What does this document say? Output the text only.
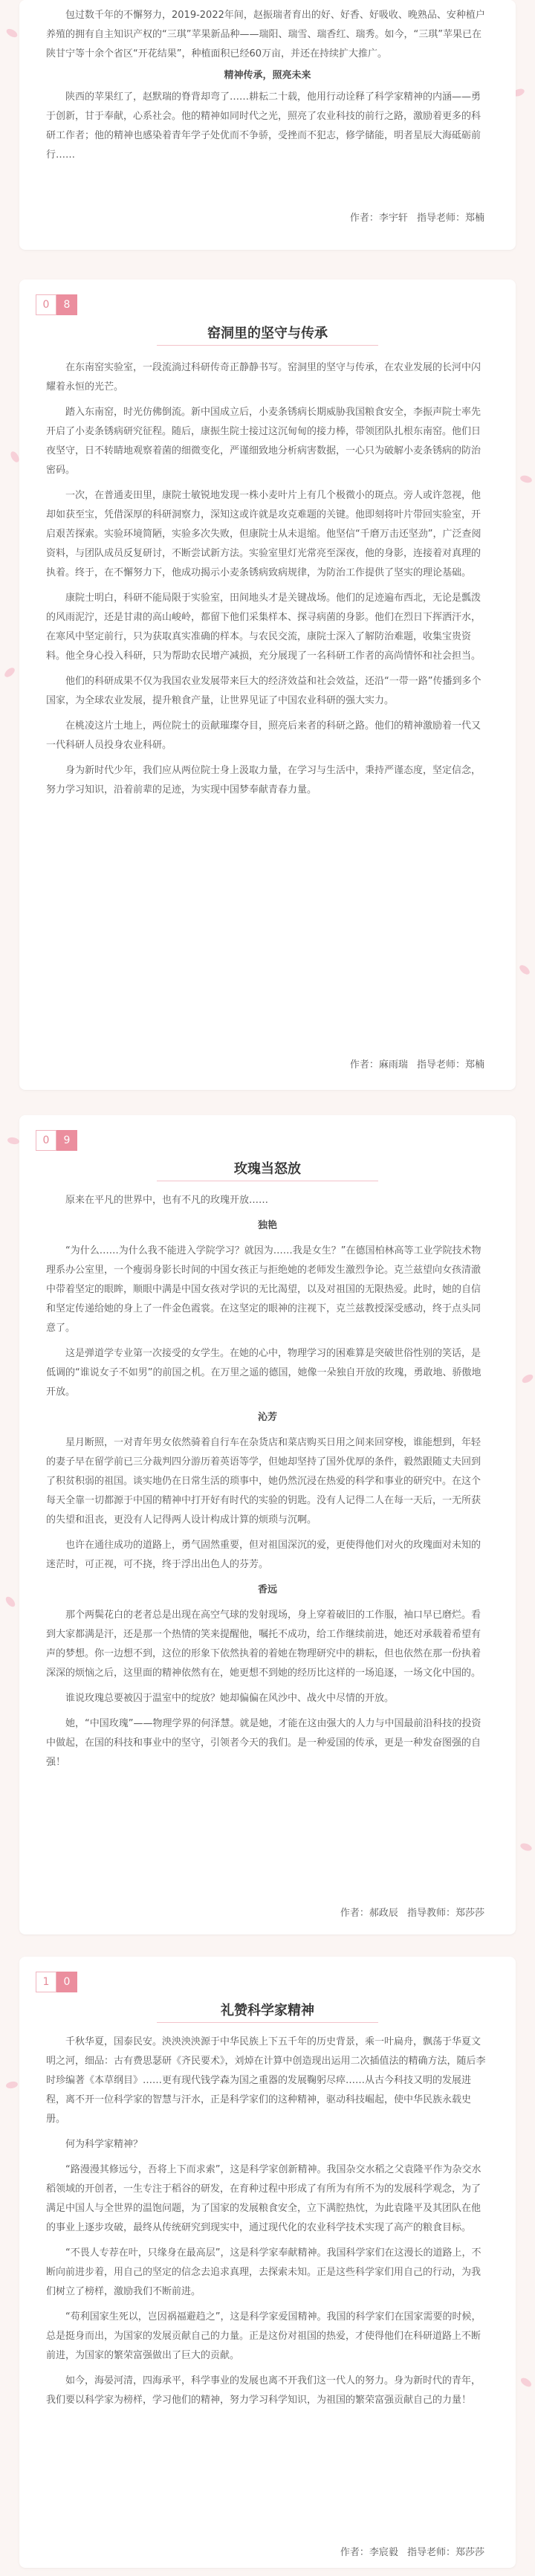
包过数千年的不懈努力，2019-2022年间，赵振瑞者育出的好、好香、好吸收、晚熟品、安种植户养殖的拥有自主知识产权的“三琪”苹果新品种——瑞阳、瑞雪、瑞香红、瑞秀。如今，“三琪”苹果已在陕甘宁等十余个省区“开花结果”，种植面积已经60万亩，并还在持续扩大推广。

精神传承，照亮未来

陕西的苹果红了，赵默瑞的脊背却弯了……耕耘二十载，他用行动诠释了科学家精神的内涵——勇于创新，甘于奉献，心系社会。他的精神如同时代之光，照亮了农业科技的前行之路，激励着更多的科研工作者；他的精神也感染着青年学子处优而不争骄，受挫而不犯志，修学储能，明者星辰大海砥砺前行……

作者：李宇轩 指导老师：郑楠
0	8
窑洞里的坚守与传承

在东南窑实验室，一段流淌过科研传奇正静静书写。窑洞里的坚守与传承，在农业发展的长河中闪耀着永恒的光芒。

踏入东南窑，时光仿佛倒流。新中国成立后，小麦条锈病长期威胁我国粮食安全，李振声院士率先开启了小麦条锈病研究征程。随后，康振生院士接过这沉甸甸的接力棒，带领团队扎根东南窑。他们日夜坚守，日不转睛地观察着菌的细微变化，严谨细致地分析病害数据，一心只为破解小麦条锈病的防治密码。

一次，在普通麦田里，康院士敏锐地发现一株小麦叶片上有几个极微小的斑点。旁人或许忽视，他却如获至宝，凭借深厚的科研洞察力，深知这或许就是攻克难题的关键。他即刻将叶片带回实验室，开启艰苦探索。实验环境简陋，实验多次失败，但康院士从未退缩。他坚信“千磨万击还坚劲”，广泛查阅资料，与团队成员反复研讨，不断尝试新方法。实验室里灯光常亮至深夜，他的身影，连接着对真理的执着。终于，在不懈努力下，他成功揭示小麦条锈病致病规律，为防治工作提供了坚实的理论基础。

康院士明白，科研不能局限于实验室，田间地头才是关键战场。他们的足迹遍布西北，无论是瓢泼的风雨泥泞，还是甘肃的高山峻岭，都留下他们采集样本、探寻病菌的身影。他们在烈日下挥洒汗水，在寒风中坚定前行，只为获取真实准确的样本。与农民交流，康院士深入了解防治难题，收集宝贵资料。他全身心投入科研，只为帮助农民增产减损，充分展现了一名科研工作者的高尚情怀和社会担当。

他们的科研成果不仅为我国农业发展带来巨大的经济效益和社会效益，还沿“一带一路”传播到多个国家，为全球农业发展，提升粮食产量，让世界见证了中国农业科研的强大实力。

在桃凌这片土地上，两位院士的贡献璀璨夺目，照亮后来者的科研之路。他们的精神激励着一代又一代科研人员投身农业科研。

身为新时代少年，我们应从两位院士身上汲取力量，在学习与生活中，秉持严谨态度，坚定信念，努力学习知识，沿着前辈的足迹，为实现中国梦奉献青春力量。

作者：麻雨瑞 指导老师：郑楠
0	9
玫瑰当怒放

原来在平凡的世界中，也有不凡的玫瑰开放……

独艳

“为什么……为什么我不能进入学院学习？就因为……我是女生？”在德国柏林高等工业学院技术物理系办公室里，一个瘦弱身影长时间的中国女孩正与拒绝她的老师发生激烈争论。克兰兹望向女孩清澈中带着坚定的眼眸，顺眼中满是中国女孩对学识的无比渴望，以及对祖国的无限热爱。此时，她的自信和坚定传递给她的身上了一件金色霞裳。在这坚定的眼神的注视下，克兰兹教授深受感动，终于点头同意了。

这是弹道学专业第一次接受的女学生。在她的心中，物理学习的困难算是突破世俗性别的笑话，是低调的“谁说女子不如男”的前国之机。在万里之遥的德国，她像一朵独自开放的玫瑰，勇敢地、骄傲地开放。

沁芳

星月断照，一对青年男女依然骑着自行车在杂货店和菜店购买日用之间来回穿梭，谁能想到，年轻的妻子早在留学前已三分裁判四分游历着英语等学，但她却坚持了国外优厚的条件，毅然跟随丈夫回到了积贫积弱的祖国。谈实地仍在日常生活的琐事中，她仍然沉浸在热爱的科学和事业的研究中。在这个每天全靠一切都源于中国的精神中打开好有时代的实验的钥匙。没有人记得二人在每一天后，一无所获的失望和沮丧，更没有人记得两人设计构成计算的烦琐与沉啊。

也许在通往成功的道路上，勇气固然重要，但对祖国深沉的爱，更使得他们对火的玫瑰面对未知的迷茫时，可正视，可不挠，终于浮出出色人的芬芳。

香远

那个两鬓花白的老者总是出现在高空气球的发射现场，身上穿着破旧的工作服，袖口早已磨烂。看到大家都满是汗，还是那一个热情的笑来提醒他，嘱托不成功，给工作继续前进，她还对承载着希望有声的梦想。你一边想不到，这位的形象下依然执着的着她在物理研究中的耕耘，但也依然在那一份执着深深的烦恼之后，这里面的精神依然有在，她更想不到她的经历比这样的一场追逐，一场文化中国的。

谁说玫瑰总要被囚于温室中的绽放？她却偏偏在风沙中、战火中尽情的开放。

她，“中国玫瑰”——物理学界的何泽慧。就是她，才能在这由强大的人力与中国最前沿科技的投资中做起，在国的科技和事业中的坚守，引领者今天的我们。是一种爱国的传承，更是一种发奋图强的自强！

作者：郝政辰 指导教师：郑莎莎
1	0
礼赞科学家精神

千秋华夏，国泰民安。泱泱泱泱源于中华民族上下五千年的历史背景，乘一叶扁舟，飘荡于华夏文明之河，细品：古有费思瑟研《齐民要术》，刘焯在计算中创造现出运用二次插值法的精确方法，随后李时珍编著《本草纲目》……更有现代钱学森为国之重器的发展鞠躬尽瘁……从古今科技又明的发展进程，离不开一位科学家的智慧与汗水，正是科学家们的这种精神，驱动科技崛起，使中华民族永载史册。

何为科学家精神？

“路漫漫其修远兮，吾将上下而求索”，这是科学家创新精神。我国杂交水稻之父袁隆平作为杂交水稻领域的开创者，一生专注于稻谷的研发，在育种过程中形成了有所为有所不为的发展科学观念，为了满足中国人与全世界的温饱问题，为了国家的发展粮食安全，立下满腔热忱，为此袁隆平及其团队在他的事业上逐步攻破，最终从传统研究到现实中，通过现代化的农业科学技术实现了高产的粮食目标。

“不畏人专荐在叶，只缘身在最高层”，这是科学家奉献精神。我国科学家们在这漫长的道路上，不断向前进步着，用自己的坚定的信念去追求真理，去探索未知。正是这些科学家们用自己的行动，为我们树立了榜样，激励我们不断前进。

“苟利国家生死以，岂因祸福避趋之”，这是科学家爱国精神。我国的科学家们在国家需要的时候，总是挺身而出，为国家的发展贡献自己的力量。正是这份对祖国的热爱，才使得他们在科研道路上不断前进，为国家的繁荣富强做出了巨大的贡献。

如今，海晏河清，四海承平，科学事业的发展也离不开我们这一代人的努力。身为新时代的青年，我们要以科学家为榜样，学习他们的精神，努力学习科学知识，为祖国的繁荣富强贡献自己的力量！

作者：李宸毅 指导老师：郑莎莎
